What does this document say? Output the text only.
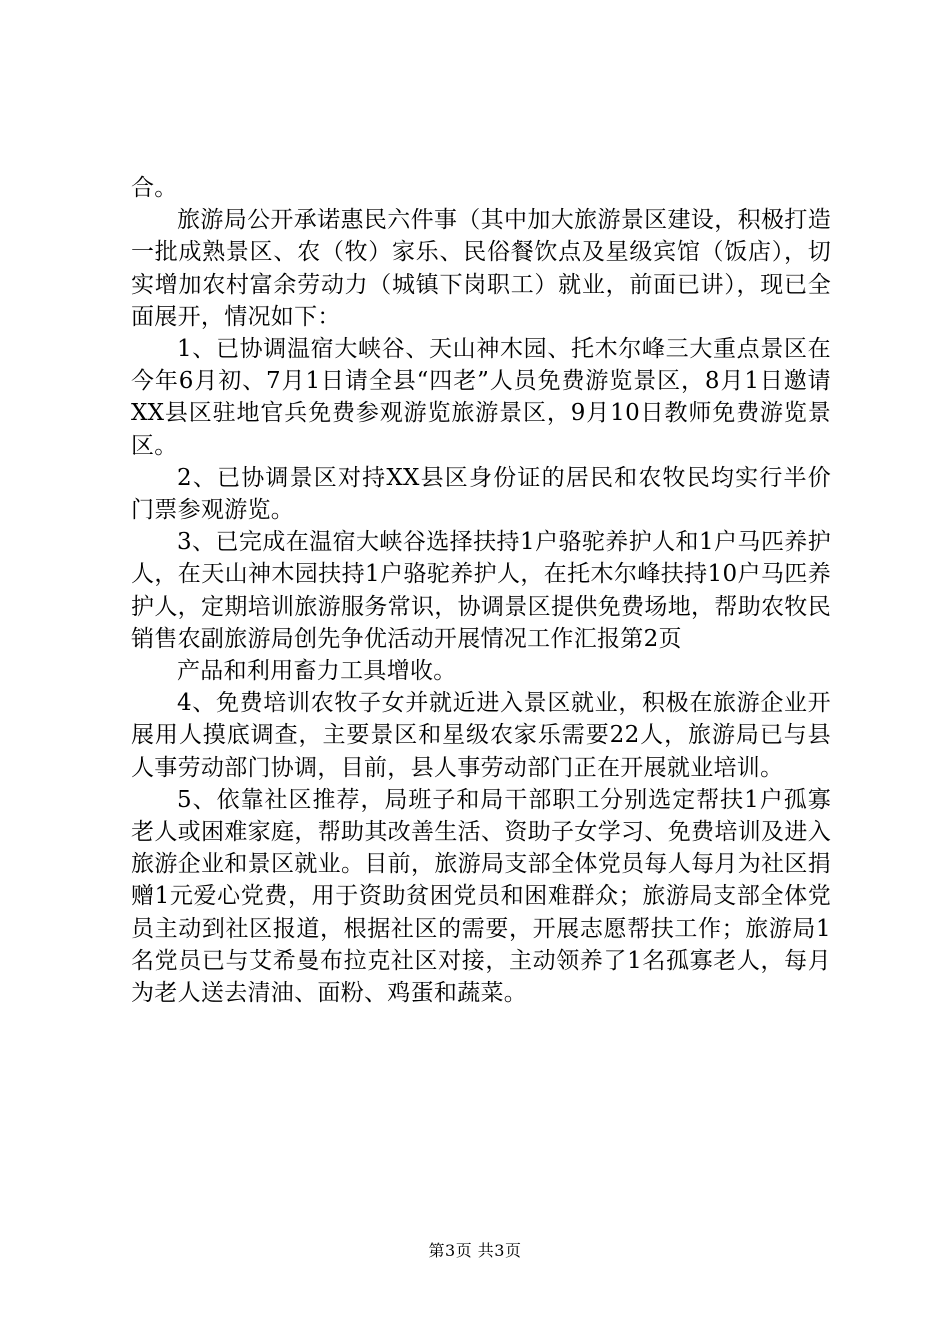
合。

旅游局公开承诺惠民六件事（其中加大旅游景区建设，积极打造一批成熟景区、农（牧）家乐、民俗餐饮点及星级宾馆（饭店），切实增加农村富余劳动力（城镇下岗职工）就业，前面已讲），现已全面展开，情况如下：

1、已协调温宿大峡谷、天山神木园、托木尔峰三大重点景区在今年6月初、7月1日请全县“四老”人员免费游览景区，8月1日邀请XX县区驻地官兵免费参观游览旅游景区，9月10日教师免费游览景区。

2、已协调景区对持XX县区身份证的居民和农牧民均实行半价门票参观游览。

3、已完成在温宿大峡谷选择扶持1户骆驼养护人和1户马匹养护人，在天山神木园扶持1户骆驼养护人，在托木尔峰扶持10户马匹养护人，定期培训旅游服务常识，协调景区提供免费场地，帮助农牧民销售农副旅游局创先争优活动开展情况工作汇报第2页

产品和利用畜力工具增收。

4、免费培训农牧子女并就近进入景区就业，积极在旅游企业开展用人摸底调查，主要景区和星级农家乐需要22人，旅游局已与县人事劳动部门协调，目前，县人事劳动部门正在开展就业培训。

5、依靠社区推荐，局班子和局干部职工分别选定帮扶1户孤寡老人或困难家庭，帮助其改善生活、资助子女学习、免费培训及进入旅游企业和景区就业。目前，旅游局支部全体党员每人每月为社区捐赠1元爱心党费，用于资助贫困党员和困难群众；旅游局支部全体党员主动到社区报道，根据社区的需要，开展志愿帮扶工作；旅游局1名党员已与艾希曼布拉克社区对接，主动领养了1名孤寡老人，每月为老人送去清油、面粉、鸡蛋和蔬菜。

第3页 共3页
